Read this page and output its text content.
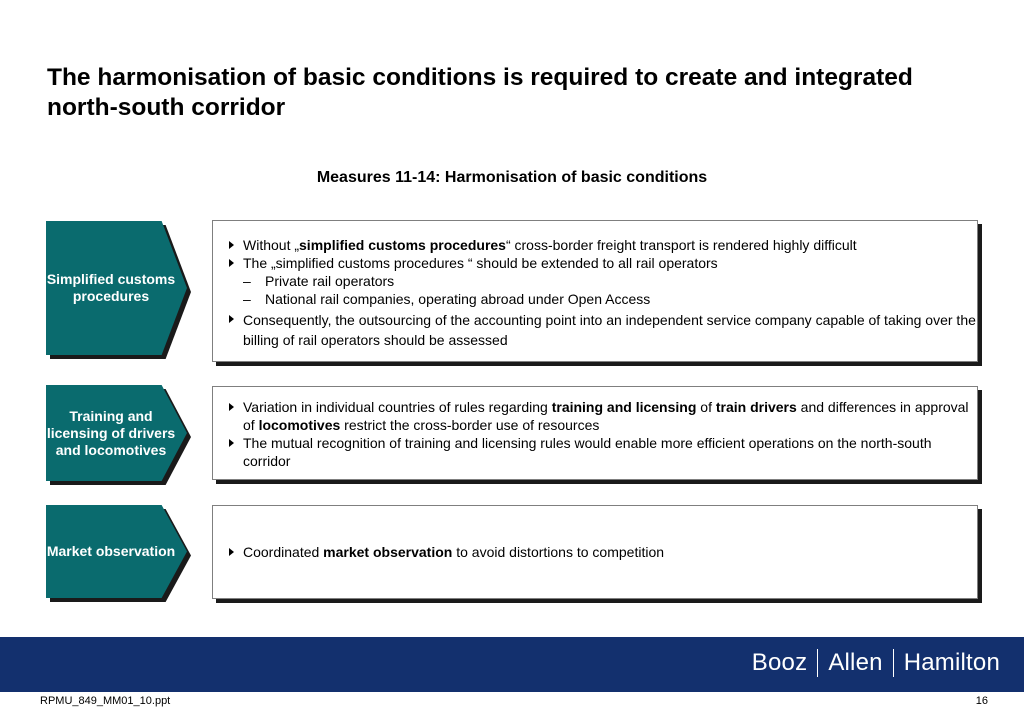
The harmonisation of basic conditions is required to create and integrated north-south corridor
Measures 11-14: Harmonisation of basic conditions
Simplified customs procedures
Without „simplified customs procedures“ cross-border freight transport is rendered highly difficult
The „simplified customs procedures “ should be extended to all rail operators
– Private rail operators
– National rail companies, operating abroad under Open Access
Consequently, the outsourcing of the accounting point into an independent service company capable of taking over the billing of rail operators should be assessed
Training and licensing of drivers and locomotives
Variation in individual countries of rules regarding training and licensing of train drivers and differences in approval of locomotives restrict the cross-border use of resources
The mutual recognition of training and licensing rules would enable more efficient operations on the north-south corridor
Market observation	Coordinated market observation to avoid distortions to competition
Booz Allen Hamilton
RPMU_849_MM01_10.ppt	16
